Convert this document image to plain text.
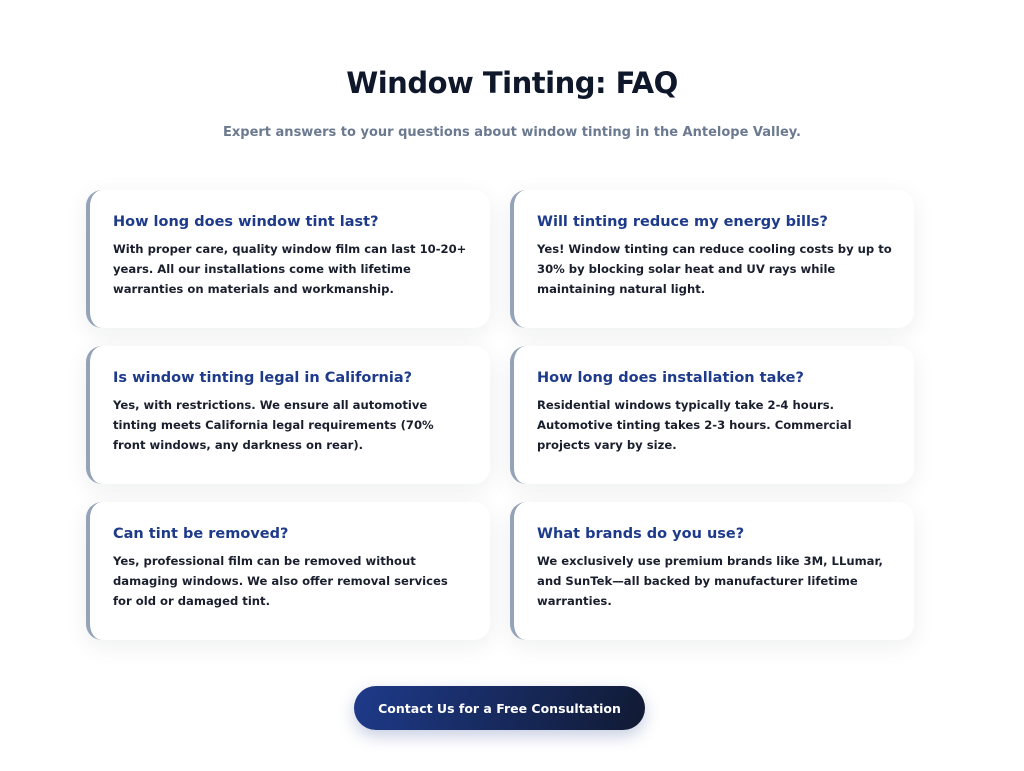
Window Tinting: FAQ

Expert answers to your questions about window tinting in the Antelope Valley.

How long does window tint last?

With proper care, quality window film can last 10-20+ years. All our installations come with lifetime warranties on materials and workmanship.

Will tinting reduce my energy bills?

Yes! Window tinting can reduce cooling costs by up to 30% by blocking solar heat and UV rays while maintaining natural light.

Is window tinting legal in California?

Yes, with restrictions. We ensure all automotive tinting meets California legal requirements (70% front windows, any darkness on rear).

How long does installation take?

Residential windows typically take 2-4 hours. Automotive tinting takes 2-3 hours. Commercial projects vary by size.

Can tint be removed?

Yes, professional film can be removed without damaging windows. We also offer removal services for old or damaged tint.

What brands do you use?

We exclusively use premium brands like 3M, LLumar, and SunTek—all backed by manufacturer lifetime warranties.

Contact Us for a Free Consultation
